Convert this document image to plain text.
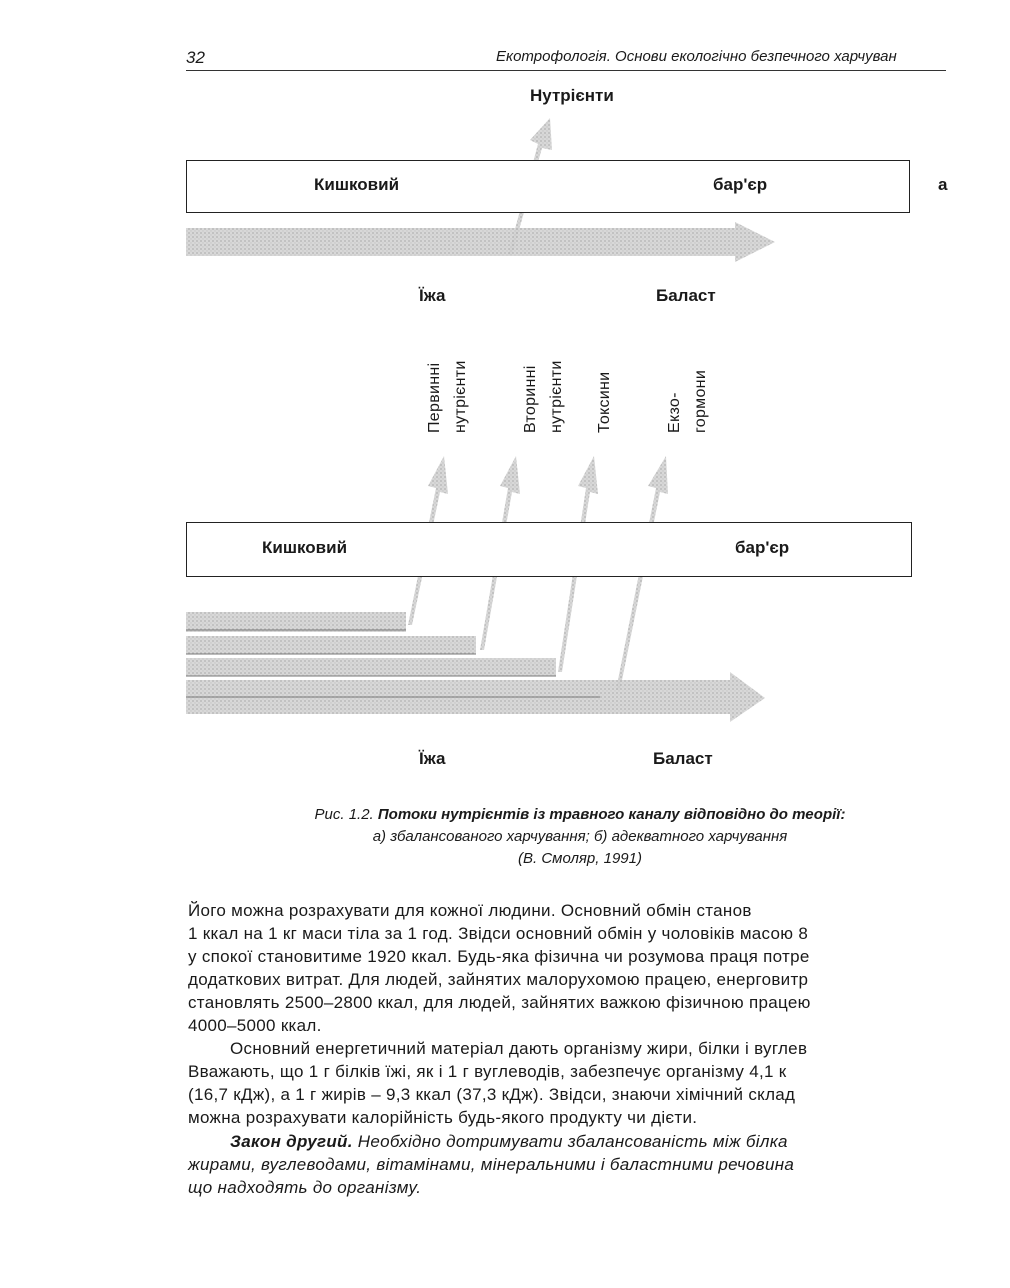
32	Екотрофологія. Основи екологічно безпечного харчуван
Нутрієнти
Кишковий	бар'єр	а
Їжа	Баласт
Первинні
нутрієнти	Вторинні
нутрієнти	Токсини	Екзо-
гормони
Кишковий	бар'єр
Їжа	Баласт
Рис. 1.2. Потоки нутрієнтів із травного каналу відповідно до теорії:
а) збалансованого харчування; б) адекватного харчування
(В. Смоляр, 1991)
Його можна розрахувати для кожної людини. Основний обмін станов
1 ккал на 1 кг маси тіла за 1 год. Звідси основний обмін у чоловіків масою 8
у спокої становитиме 1920 ккал. Будь-яка фізична чи розумова праця потре
додаткових витрат. Для людей, зайнятих малорухомою працею, енерговитр
становлять 2500–2800 ккал, для людей, зайнятих важкою фізичною працею
4000–5000 ккал.
Основний енергетичний матеріал дають організму жири, білки і вуглев
Вважають, що 1 г білків їжі, як і 1 г вуглеводів, забезпечує організму 4,1 к
(16,7 кДж), а 1 г жирів – 9,3 ккал (37,3 кДж). Звідси, знаючи хімічний склад
можна розрахувати калорійність будь-якого продукту чи дієти.
Закон другий. Необхідно дотримувати збалансованість між білка
жирами, вуглеводами, вітамінами, мінеральними і баластними речовина
що надходять до організму.
